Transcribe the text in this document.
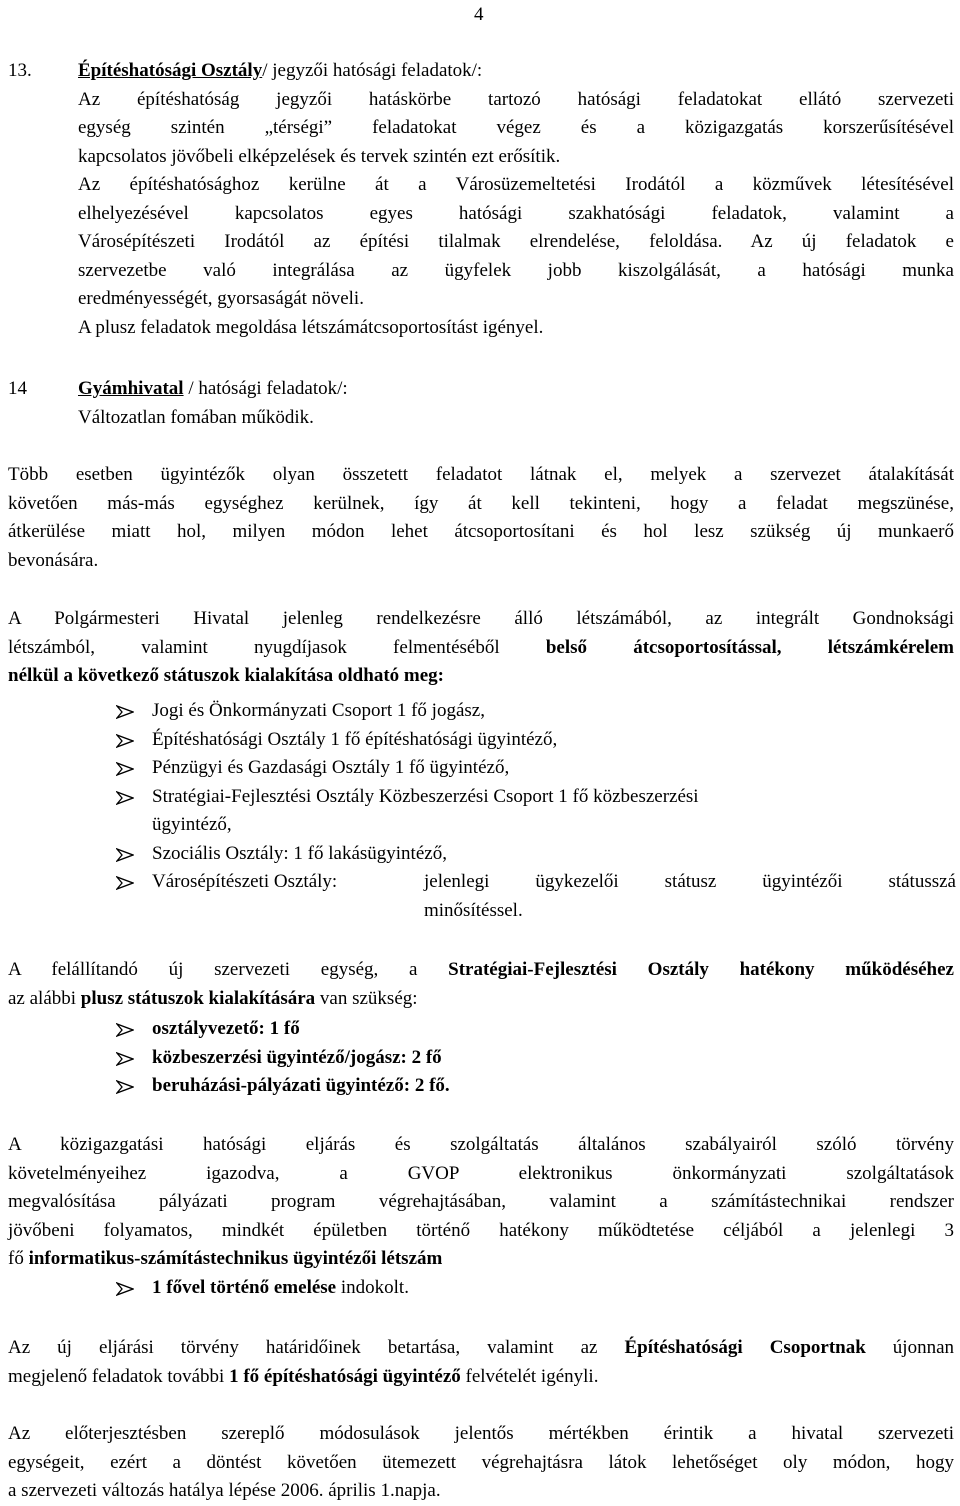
4
13. Építéshatósági Osztály/ jegyzői hatósági feladatok/:
Az építéshatóság jegyzői hatáskörbe tartozó hatósági feladatokat ellátó szervezeti
egység szintén „térségi” feladatokat végez és a közigazgatás korszerűsítésével
kapcsolatos jövőbeli elképzelések és tervek szintén ezt erősítik.
Az építéshatósághoz kerülne át a Városüzemeltetési Irodától a közművek létesítésével
elhelyezésével kapcsolatos egyes hatósági szakhatósági feladatok, valamint a
Városépítészeti Irodától az építési tilalmak elrendelése, feloldása. Az új feladatok e
szervezetbe való integrálása az ügyfelek jobb kiszolgálását, a hatósági munka
eredményességét, gyorsaságát növeli.
A plusz feladatok megoldása létszámátcsoportosítást igényel.
14	Gyámhivatal / hatósági feladatok/:
Változatlan fomában működik.
Több esetben ügyintézők olyan összetett feladatot látnak el, melyek a szervezet átalakítását
követően más-más egységhez kerülnek, így át kell tekinteni, hogy a feladat megszünése,
átkerülése miatt hol, milyen módon lehet átcsoportosítani és hol lesz szükség új munkaerő
bevonására.
A Polgármesteri Hivatal jelenleg rendelkezésre álló létszámából, az integrált Gondnoksági
létszámból, valamint nyugdíjasok felmentéséből belső átcsoportosítással, létszámkérelem
nélkül a következő státuszok kialakítása oldható meg:
Jogi és Önkormányzati Csoport 1 fő jogász,
Építéshatósági Osztály 1 fő építéshatósági ügyintéző,
Pénzügyi és Gazdasági Osztály 1 fő ügyintéző,
Stratégiai-Fejlesztési Osztály Közbeszerzési Csoport 1 fő közbeszerzési
ügyintéző,
Szociális Osztály: 1 fő lakásügyintéző,
Városépítészeti Osztály:	jelenlegi ügykezelői státusz ügyintézői státusszá
minősítéssel.
A felállítandó új szervezeti egység, a Stratégiai-Fejlesztési Osztály hatékony működéséhez
az alábbi plusz státuszok kialakítására van szükség:
osztályvezető: 1 fő
közbeszerzési ügyintéző/jogász: 2 fő
beruházási-pályázati ügyintéző: 2 fő.
A közigazgatási hatósági eljárás és szolgáltatás általános szabályairól szóló törvény
követelményeihez igazodva, a GVOP elektronikus önkormányzati szolgáltatások
megvalósítása pályázati program végrehajtásában, valamint a számítástechnikai rendszer
jövőbeni folyamatos, mindkét épületben történő hatékony működtetése céljából a jelenlegi 3
fő informatikus-számítástechnikus ügyintézői létszám
1 fővel történő emelése indokolt.
Az új eljárási törvény határidőinek betartása, valamint az Építéshatósági Csoportnak újonnan
megjelenő feladatok további 1 fő építéshatósági ügyintéző felvételét igényli.
Az előterjesztésben szereplő módosulások jelentős mértékben érintik a hivatal szervezeti
egységeit, ezért a döntést követően ütemezett végrehajtásra látok lehetőséget oly módon, hogy
a szervezeti változás hatálya lépése 2006. április 1.napja.
